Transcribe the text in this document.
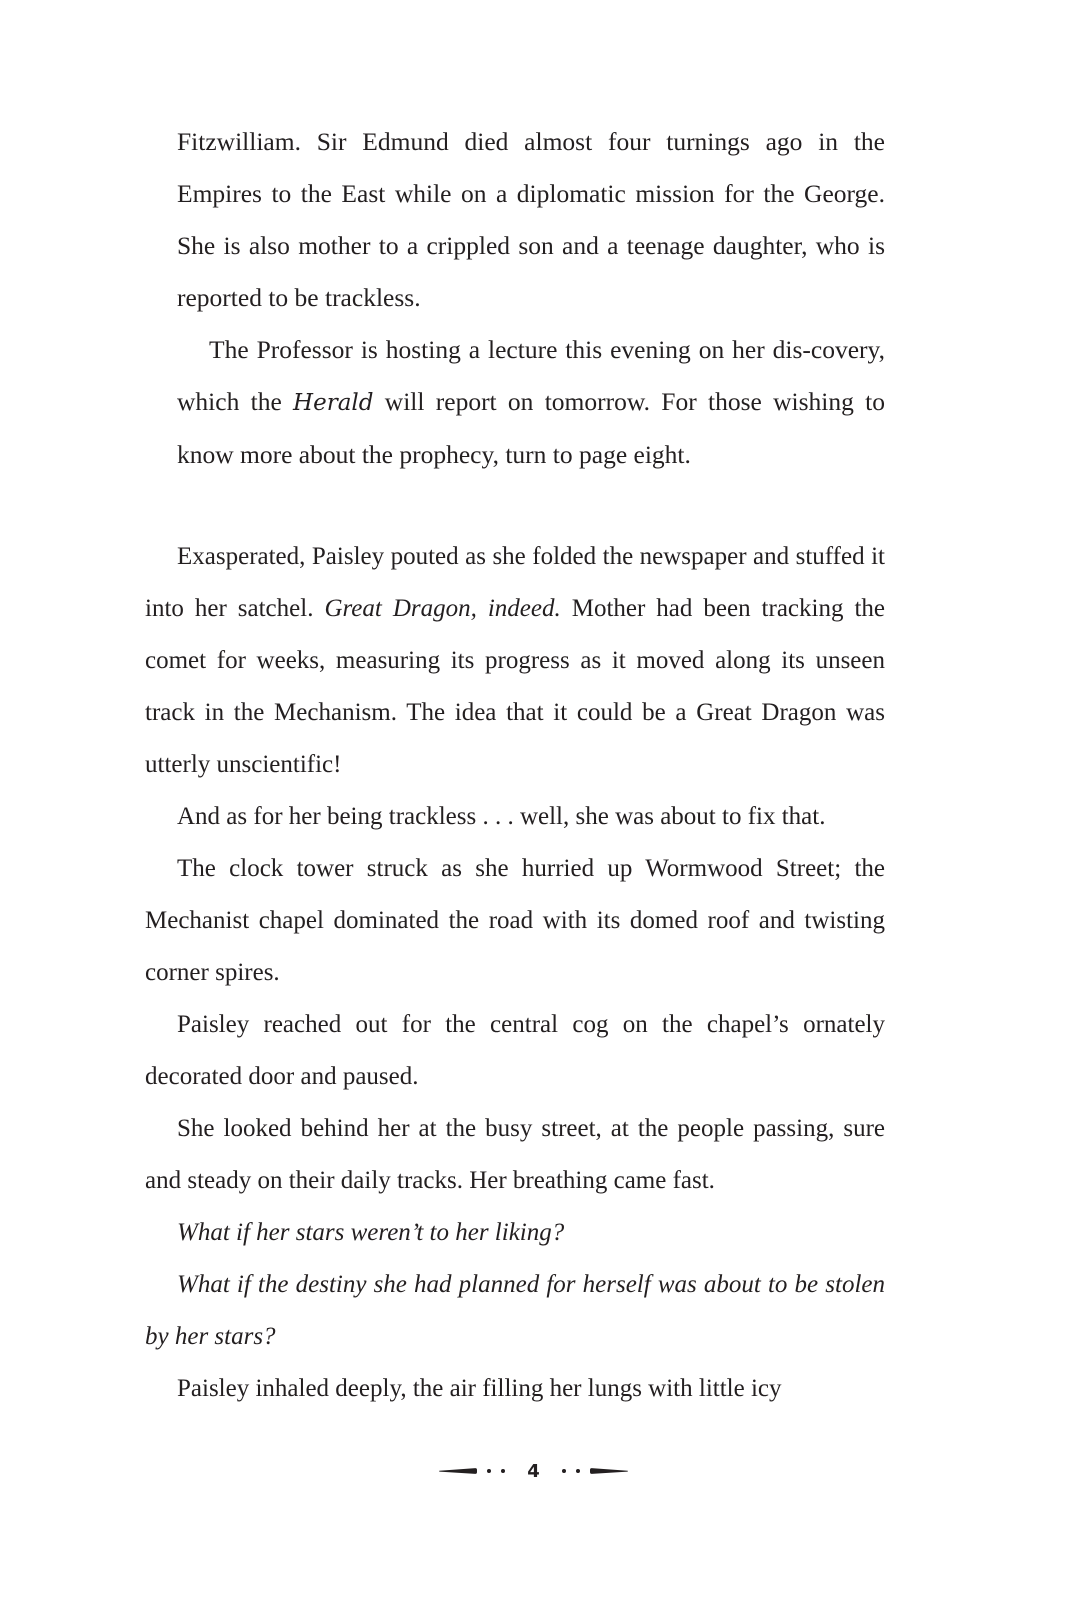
Fitzwilliam. Sir Edmund died almost four turnings ago in the Empires to the East while on a diplomatic mission for the George. She is also mother to a crippled son and a teenage daughter, who is reported to be trackless.

The Professor is hosting a lecture this evening on her dis-covery, which the Herald will report on tomorrow. For those wishing to know more about the prophecy, turn to page eight.

Exasperated, Paisley pouted as she folded the newspaper and stuffed it into her satchel. Great Dragon, indeed. Mother had been tracking the comet for weeks, measuring its progress as it moved along its unseen track in the Mechanism. The idea that it could be a Great Dragon was utterly unscientific!

And as for her being trackless . . . well, she was about to fix that.

The clock tower struck as she hurried up Wormwood Street; the Mechanist chapel dominated the road with its domed roof and twisting corner spires.

Paisley reached out for the central cog on the chapel’s ornately decorated door and paused.

She looked behind her at the busy street, at the people passing, sure and steady on their daily tracks. Her breathing came fast.

What if her stars weren’t to her liking?

What if the destiny she had planned for herself was about to be stolen by her stars?

Paisley inhaled deeply, the air filling her lungs with little icy

4
